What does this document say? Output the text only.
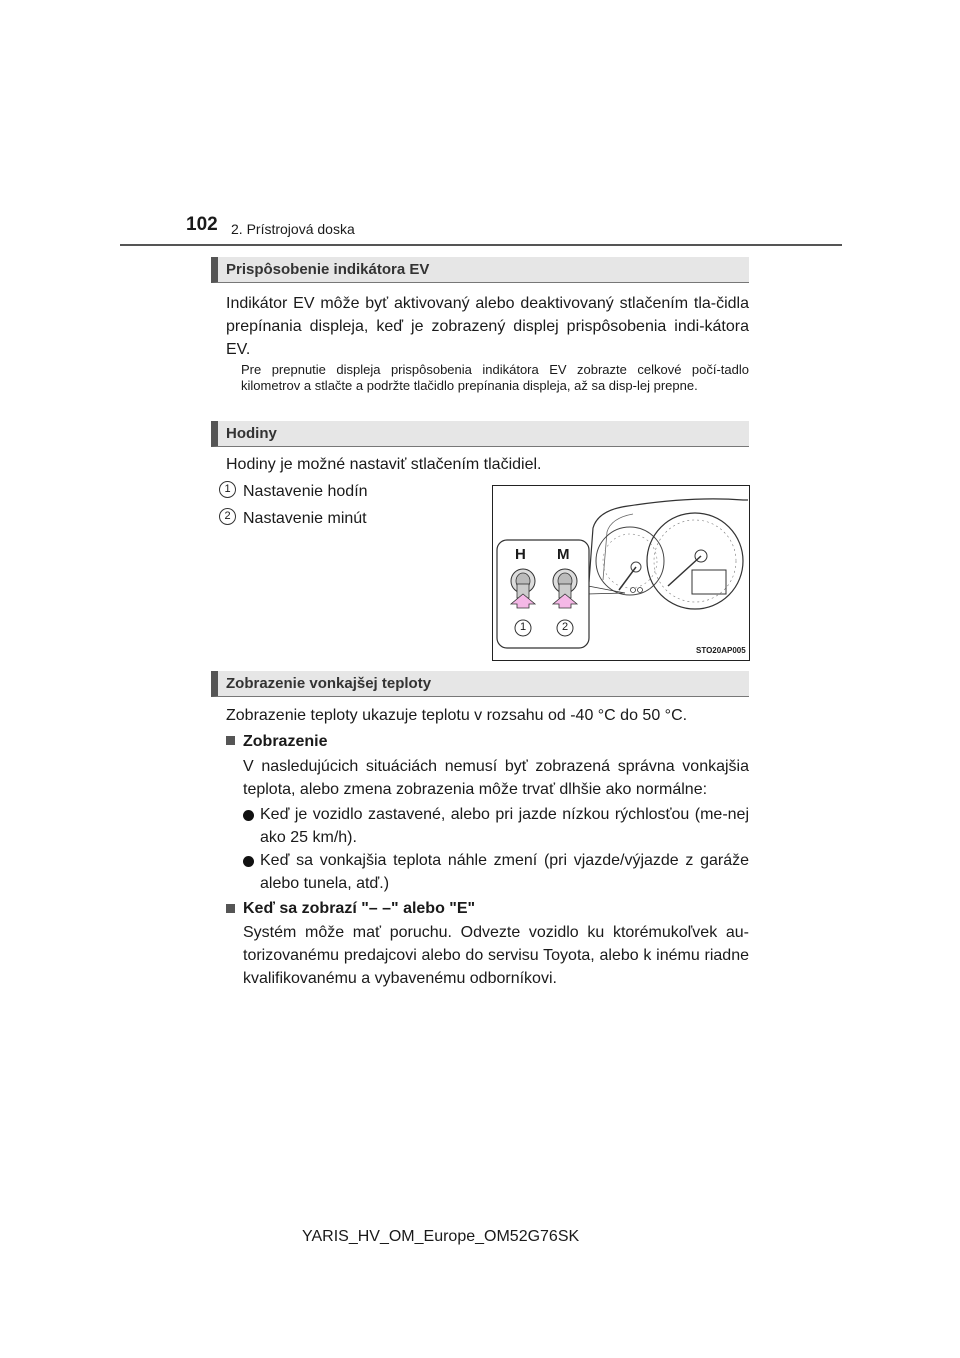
102 2. Prístrojová doska
Prispôsobenie indikátora EV
Indikátor EV môže byť aktivovaný alebo deaktivovaný stlačením tla-čidla prepínania displeja, keď je zobrazený displej prispôsobenia indi-kátora EV.
Pre prepnutie displeja prispôsobenia indikátora EV zobrazte celkové počí-tadlo kilometrov a stlačte a podržte tlačidlo prepínania displeja, až sa disp-lej prepne.
Hodiny
Hodiny je možné nastaviť stlačením tlačidiel.
1 Nastavenie hodín
2 Nastavenie minút
H M
1	2
STO20AP005
Zobrazenie vonkajšej teploty
Zobrazenie teploty ukazuje teplotu v rozsahu od -40 °C do 50 °C.
Zobrazenie
V nasledujúcich situáciách nemusí byť zobrazená správna vonkajšia teplota, alebo zmena zobrazenia môže trvať dlhšie ako normálne:
Keď je vozidlo zastavené, alebo pri jazde nízkou rýchlosťou (me-nej ako 25 km/h).
Keď sa vonkajšia teplota náhle zmení (pri vjazde/výjazde z garáže alebo tunela, atď.)
Keď sa zobrazí "– –" alebo "E"
Systém môže mať poruchu. Odvezte vozidlo ku ktorémukoľvek au-torizovanému predajcovi alebo do servisu Toyota, alebo k inému riadne kvalifikovanému a vybavenému odborníkovi.
YARIS_HV_OM_Europe_OM52G76SK
